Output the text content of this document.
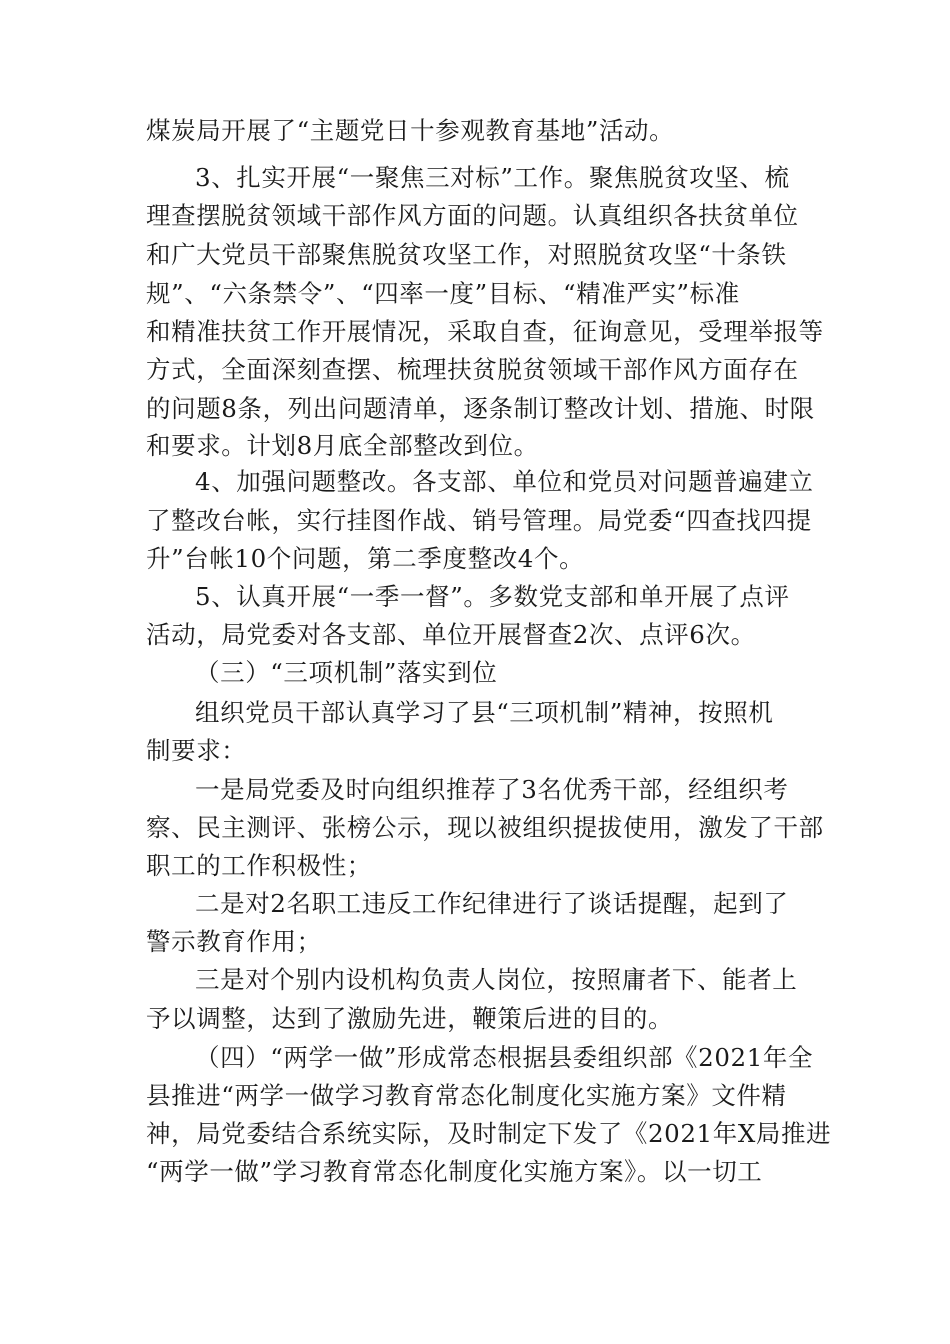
煤炭局开展了“主题党日十参观教育基地”活动。
3、扎实开展“一聚焦三对标”工作。聚焦脱贫攻坚、梳
理查摆脱贫领域干部作风方面的问题。认真组织各扶贫单位
和广大党员干部聚焦脱贫攻坚工作，对照脱贫攻坚“十条铁
规”、“六条禁令”、“四率一度”目标、“精准严实”标准
和精准扶贫工作开展情况，采取自查，征询意见，受理举报等
方式，全面深刻查摆、梳理扶贫脱贫领域干部作风方面存在
的问题8条，列出问题清单，逐条制订整改计划、措施、时限
和要求。计划8月底全部整改到位。
4、加强问题整改。各支部、单位和党员对问题普遍建立
了整改台帐，实行挂图作战、销号管理。局党委“四查找四提
升”台帐10个问题，第二季度整改4个。
5、认真开展“一季一督”。多数党支部和单开展了点评
活动，局党委对各支部、单位开展督查2次、点评6次。
（三）“三项机制”落实到位
组织党员干部认真学习了县“三项机制”精神，按照机
制要求：
一是局党委及时向组织推荐了3名优秀干部，经组织考
察、民主测评、张榜公示，现以被组织提拔使用，激发了干部
职工的工作积极性；
二是对2名职工违反工作纪律进行了谈话提醒，起到了
警示教育作用；
三是对个别内设机构负责人岗位，按照庸者下、能者上
予以调整，达到了激励先进，鞭策后进的目的。
（四）“两学一做”形成常态根据县委组织部《2021年全
县推进“两学一做学习教育常态化制度化实施方案》文件精
神，局党委结合系统实际，及时制定下发了《2021年X局推进
“两学一做”学习教育常态化制度化实施方案》。以一切工
